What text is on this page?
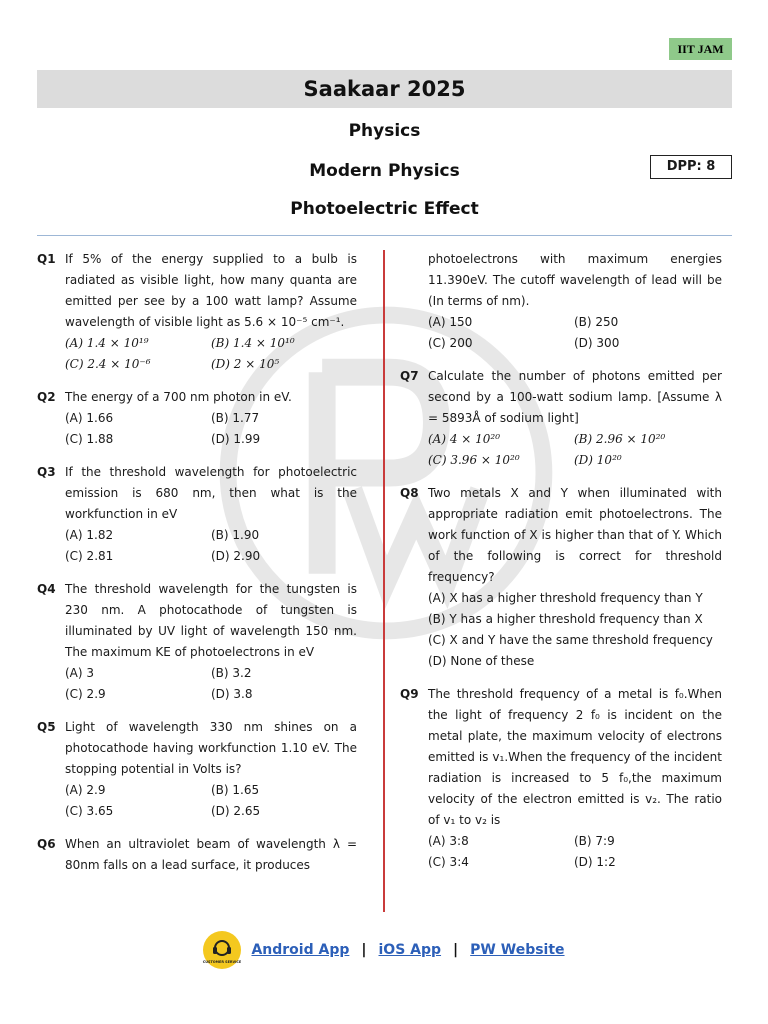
IIT JAM
Saakaar 2025
Physics
Modern Physics	DPP: 8
Photoelectric Effect
Q1 If 5% of the energy supplied to a bulb is radiated as visible light, how many quanta are emitted per see by a 100 watt lamp? Assume wavelength of visible light as 5.6 × 10⁻⁵ cm⁻¹.
(A) 1.4 × 10¹⁹	(B) 1.4 × 10¹⁰
(C) 2.4 × 10⁻⁶	(D) 2 × 10⁵
Q2 The energy of a 700 nm photon in eV.
(A) 1.66	(B) 1.77
(C) 1.88	(D) 1.99
Q3 If the threshold wavelength for photoelectric emission is 680 nm, then what is the workfunction in eV
(A) 1.82	(B) 1.90
(C) 2.81	(D) 2.90
Q4 The threshold wavelength for the tungsten is 230 nm. A photocathode of tungsten is illuminated by UV light of wavelength 150 nm. The maximum KE of photoelectrons in eV
(A) 3	(B) 3.2
(C) 2.9	(D) 3.8
Q5 Light of wavelength 330 nm shines on a photocathode having workfunction 1.10 eV. The stopping potential in Volts is?
(A) 2.9	(B) 1.65
(C) 3.65	(D) 2.65
Q6 When an ultraviolet beam of wavelength λ = 80nm falls on a lead surface, it produces
photoelectrons with maximum energies 11.390eV. The cutoff wavelength of lead will be (In terms of nm).
(A) 150	(B) 250
(C) 200	(D) 300
Q7 Calculate the number of photons emitted per second by a 100-watt sodium lamp. [Assume λ = 5893Å of sodium light]
(A) 4 × 10²⁰	(B) 2.96 × 10²⁰
(C) 3.96 × 10²⁰	(D) 10²⁰
Q8 Two metals X and Y when illuminated with appropriate radiation emit photoelectrons. The work function of X is higher than that of Y. Which of the following is correct for threshold frequency?
(A) X has a higher threshold frequency than Y
(B) Y has a higher threshold frequency than X
(C) X and Y have the same threshold frequency
(D) None of these
Q9 The threshold frequency of a metal is f₀.When the light of frequency 2 f₀ is incident on the metal plate, the maximum velocity of electrons emitted is v₁.When the frequency of the incident radiation is increased to 5 f₀,the maximum velocity of the electron emitted is v₂. The ratio of v₁ to v₂ is
(A) 3:8	(B) 7:9
(C) 3:4	(D) 1:2
CUSTOMER SERVICE
Android App | iOS App | PW Website
